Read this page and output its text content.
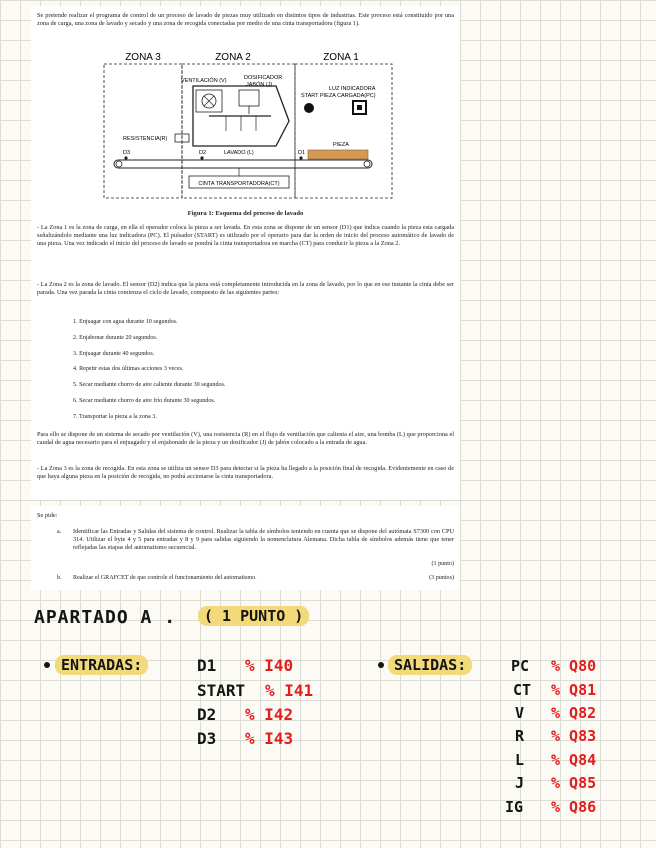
Se pretende realizar el programa de control de un proceso de lavado de piezas muy utilizado en distintos tipos de industrias. Este proceso está constituido por una zona de carga, una zona de lavado y secado y una zona de recogida conectadas por medio de una cinta transportadora (figura 1).
ZONA 3	ZONA 2	ZONA 1
VENTILACIÓN (V)	DOSIFICADOR
JABÓN (J)
RESISTENCIA(R)
LAVADO (L)
LUZ INDICADORA
START PIEZA CARGADA(PC)
PIEZA
D3	D2	D1
CINTA TRANSPORTADORA(CT)
Figura 1: Esquema del proceso de lavado
- La Zona 1 es la zona de carga, en ella el operador coloca la pieza a ser lavada. En esta zona se dispone de un sensor (D1) que indica cuando la pieza esta cargada señalizándolo mediante una luz indicadora (PC). El pulsador (START) es utilizado por el operario para dar la orden de inicio del proceso automático de lavado de una pieza. Una vez indicado el inicio del proceso de lavado se pondrá la cinta transportadora en marcha (CT) para conducir la pieza a la Zona 2.
- La Zona 2 es la zona de lavado. El sensor (D2) indica que la pieza está completamente introducida en la zona de lavado, por lo que en ese instante la cinta debe ser parada. Una vez parada la cinta comienza el ciclo de lavado, compuesto de las siguientes partes:
1. Enjuagar con agua durante 10 segundos.
2. Enjabonar durante 20 segundos.
3. Enjuagar durante 40 segundos.
4. Repetir estas dos últimas acciones 3 veces.
5. Secar mediante chorro de aire caliente durante 30 segundos.
6. Secar mediante chorro de aire frío durante 30 segundos.
7. Transportar la pieza a la zona 3.
Para ello se dispone de un sistema de secado por ventilación (V), una resistencia (R) en el flujo de ventilación que calienta el aire, una bomba (L) que proporciona el caudal de agua necesario para el enjuagado y el enjabonado de la pieza y un dosificador (J) de jabón colocado a la entrada de agua.
- La Zona 3 es la zona de recogida. En esta zona se utiliza un sensor D3 para detectar si la pieza ha llegado a la posición final de recogida. Evidentemente en caso de que haya alguna pieza en la posición de recogida, no podrá accionarse la cinta transportadora.
Se pide:
a. Identificar las Entradas y Salidas del sistema de control. Realizar la tabla de símbolos teniendo en cuenta que se dispone del autómata S7300 con CPU 314. Utilizar el byte 4 y 5 para entradas y 8 y 9 para salidas siguiendo la nomenclatura Alemana. Dicha tabla de símbolos además tiene que tener reflejadas las etapas del automatismo secuencial.
(1 punto)
b. Realizar el GRAFCET de que controle el funcionamiento del automatismo.	(3 puntos)
APARTADO A .	( 1 PUNTO )
ENTRADAS:	D1 % I40
START % I41
D2 % I42
D3 % I43
SALIDAS:	PC % Q80
CT % Q81
V % Q82
R % Q83
L % Q84
J % Q85
IG % Q86
